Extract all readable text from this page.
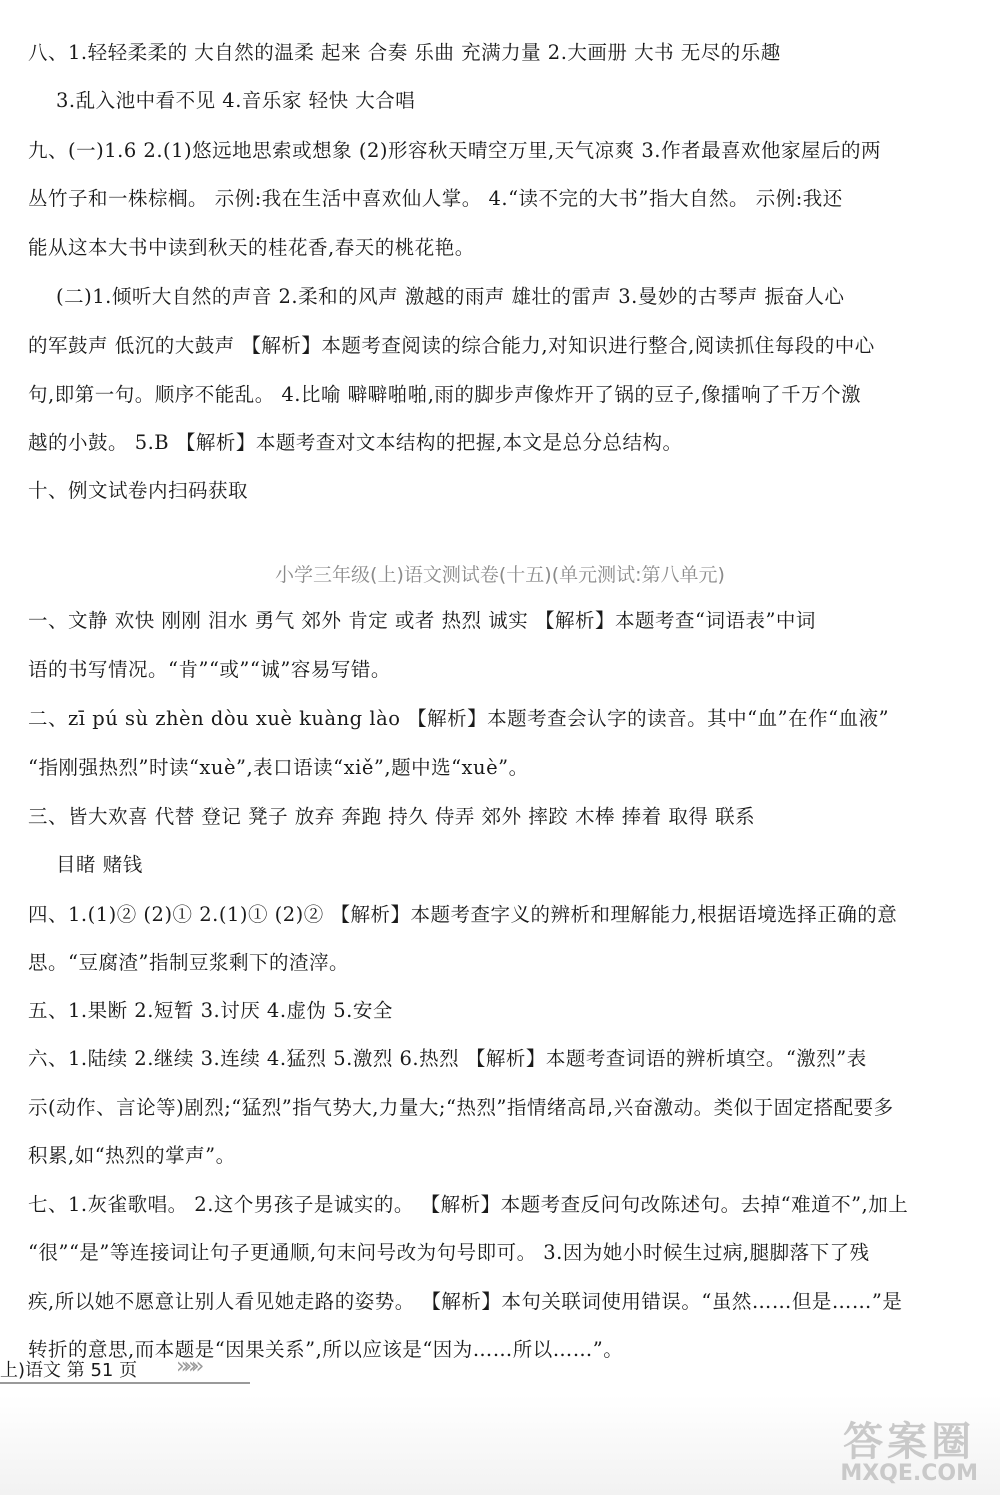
八、1.轻轻柔柔的 大自然的温柔 起来 合奏 乐曲 充满力量 2.大画册 大书 无尽的乐趣
3.乱入池中看不见 4.音乐家 轻快 大合唱
九、(一)1.6 2.(1)悠远地思索或想象 (2)形容秋天晴空万里,天气凉爽 3.作者最喜欢他家屋后的两
丛竹子和一株棕榈。 示例:我在生活中喜欢仙人掌。 4.“读不完的大书”指大自然。 示例:我还
能从这本大书中读到秋天的桂花香,春天的桃花艳。
(二)1.倾听大自然的声音 2.柔和的风声 激越的雨声 雄壮的雷声 3.曼妙的古琴声 振奋人心
的军鼓声 低沉的大鼓声 【解析】本题考查阅读的综合能力,对知识进行整合,阅读抓住每段的中心
句,即第一句。顺序不能乱。 4.比喻 噼噼啪啪,雨的脚步声像炸开了锅的豆子,像擂响了千万个激
越的小鼓。 5.B 【解析】本题考查对文本结构的把握,本文是总分总结构。
十、例文试卷内扫码获取
小学三年级(上)语文测试卷(十五)(单元测试:第八单元)
一、文静 欢快 刚刚 泪水 勇气 郊外 肯定 或者 热烈 诚实 【解析】本题考查“词语表”中词
语的书写情况。“肯”“或”“诚”容易写错。
二、zī pú sù zhèn dòu xuè kuàng lào 【解析】本题考查会认字的读音。其中“血”在作“血液”
“指刚强热烈”时读“xuè”,表口语读“xiě”,题中选“xuè”。
三、皆大欢喜 代替 登记 凳子 放弃 奔跑 持久 侍弄 郊外 摔跤 木棒 捧着 取得 联系
目睹 赌钱
四、1.(1)② (2)① 2.(1)① (2)② 【解析】本题考查字义的辨析和理解能力,根据语境选择正确的意
思。“豆腐渣”指制豆浆剩下的渣滓。
五、1.果断 2.短暂 3.讨厌 4.虚伪 5.安全
六、1.陆续 2.继续 3.连续 4.猛烈 5.激烈 6.热烈 【解析】本题考查词语的辨析填空。“激烈”表
示(动作、言论等)剧烈;“猛烈”指气势大,力量大;“热烈”指情绪高昂,兴奋激动。类似于固定搭配要多
积累,如“热烈的掌声”。
七、1.灰雀歌唱。 2.这个男孩子是诚实的。 【解析】本题考查反问句改陈述句。去掉“难道不”,加上
“很”“是”等连接词让句子更通顺,句末问号改为句号即可。 3.因为她小时候生过病,腿脚落下了残
疾,所以她不愿意让别人看见她走路的姿势。 【解析】本句关联词使用错误。“虽然……但是……”是
转折的意思,而本题是“因果关系”,所以应该是“因为……所以……”。
上)语文 第 51 页 »»»
答案圈
MXQE.COM
